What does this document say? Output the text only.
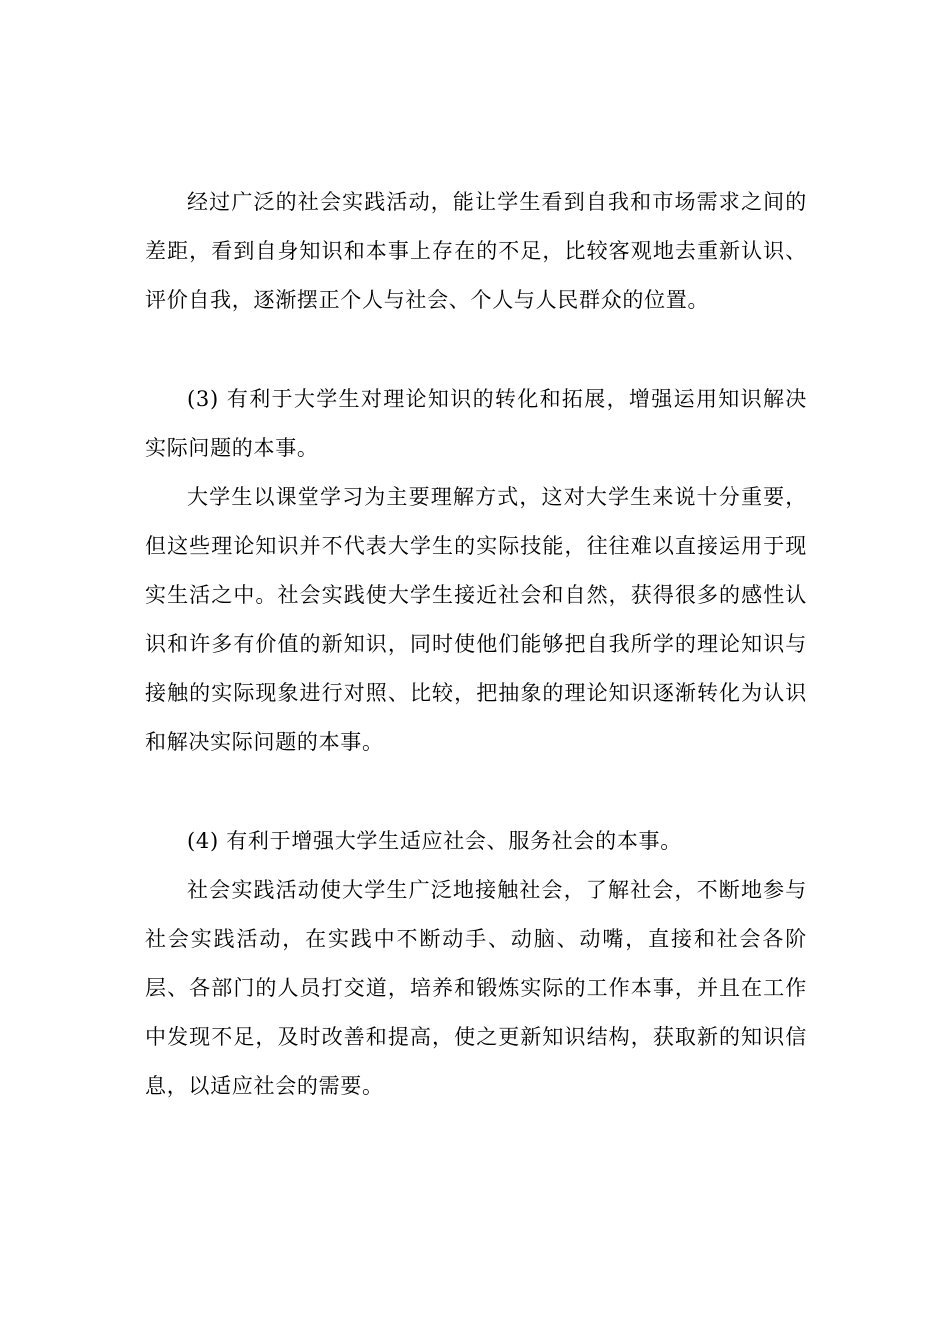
经过广泛的社会实践活动，能让学生看到自我和市场需求之间的差距，看到自身知识和本事上存在的不足，比较客观地去重新认识、评价自我，逐渐摆正个人与社会、个人与人民群众的位置。

(3) 有利于大学生对理论知识的转化和拓展，增强运用知识解决实际问题的本事。

大学生以课堂学习为主要理解方式，这对大学生来说十分重要，但这些理论知识并不代表大学生的实际技能，往往难以直接运用于现实生活之中。社会实践使大学生接近社会和自然，获得很多的感性认识和许多有价值的新知识，同时使他们能够把自我所学的理论知识与接触的实际现象进行对照、比较，把抽象的理论知识逐渐转化为认识和解决实际问题的本事。

(4) 有利于增强大学生适应社会、服务社会的本事。

社会实践活动使大学生广泛地接触社会，了解社会，不断地参与社会实践活动，在实践中不断动手、动脑、动嘴，直接和社会各阶层、各部门的人员打交道，培养和锻炼实际的工作本事，并且在工作中发现不足，及时改善和提高，使之更新知识结构，获取新的知识信息，以适应社会的需要。
